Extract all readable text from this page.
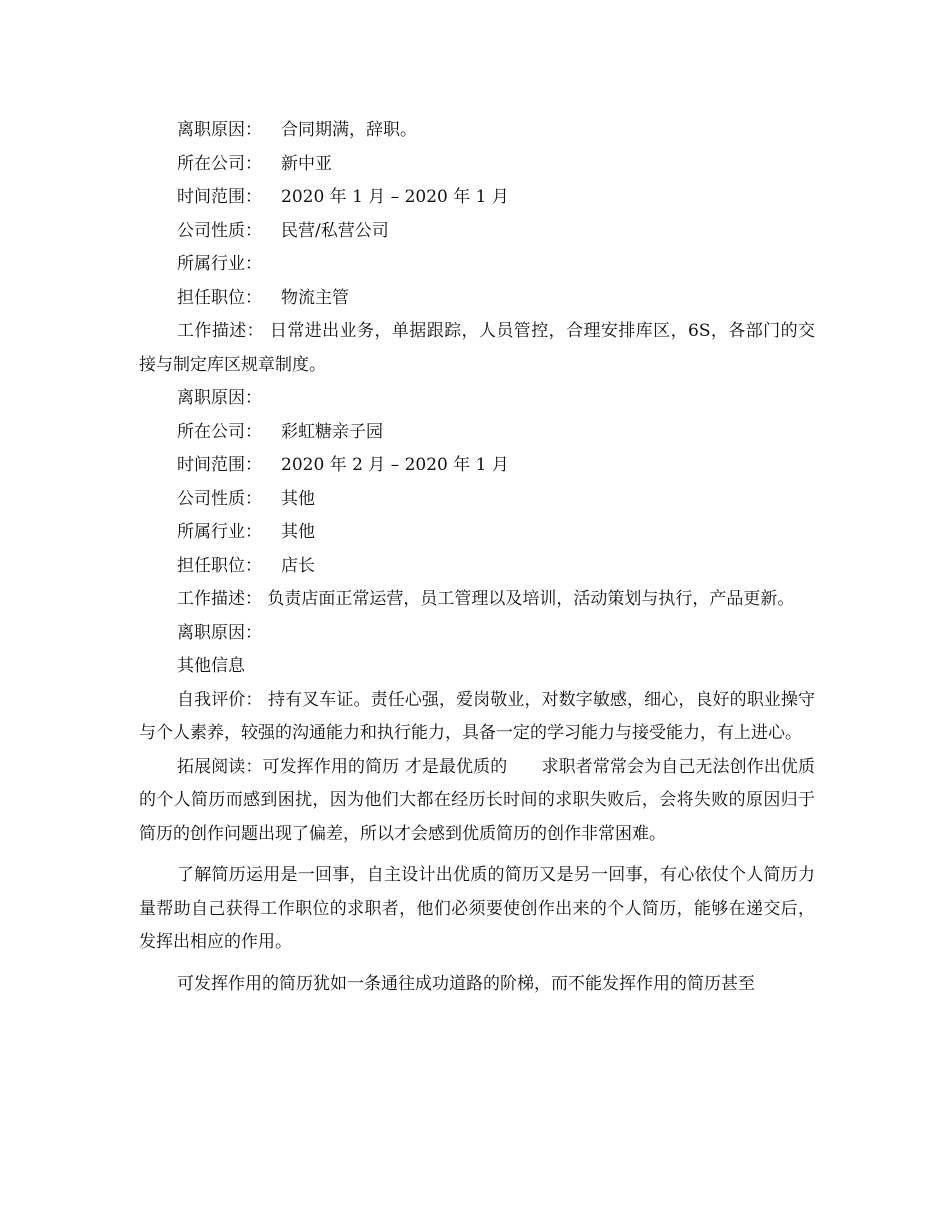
离职原因： 合同期满，辞职。
所在公司： 新中亚
时间范围： 2020 年 1 月 – 2020 年 1 月
公司性质： 民营/私营公司
所属行业：
担任职位： 物流主管

工作描述： 日常进出业务，单据跟踪，人员管控，合理安排库区，6S，各部门的交接与制定库区规章制度。

离职原因：
所在公司： 彩虹糖亲子园
时间范围： 2020 年 2 月 – 2020 年 1 月
公司性质： 其他
所属行业： 其他
担任职位： 店长

工作描述： 负责店面正常运营，员工管理以及培训，活动策划与执行，产品更新。

离职原因：
其他信息

自我评价： 持有叉车证。责任心强，爱岗敬业，对数字敏感，细心，良好的职业操守与个人素养，较强的沟通能力和执行能力，具备一定的学习能力与接受能力，有上进心。

拓展阅读：可发挥作用的简历 才是最优质的　　求职者常常会为自己无法创作出优质的个人简历而感到困扰，因为他们大都在经历长时间的求职失败后，会将失败的原因归于简历的创作问题出现了偏差，所以才会感到优质简历的创作非常困难。

了解简历运用是一回事，自主设计出优质的简历又是另一回事，有心依仗个人简历力量帮助自己获得工作职位的求职者，他们必须要使创作出来的个人简历，能够在递交后，发挥出相应的作用。

可发挥作用的简历犹如一条通往成功道路的阶梯，而不能发挥作用的简历甚至
